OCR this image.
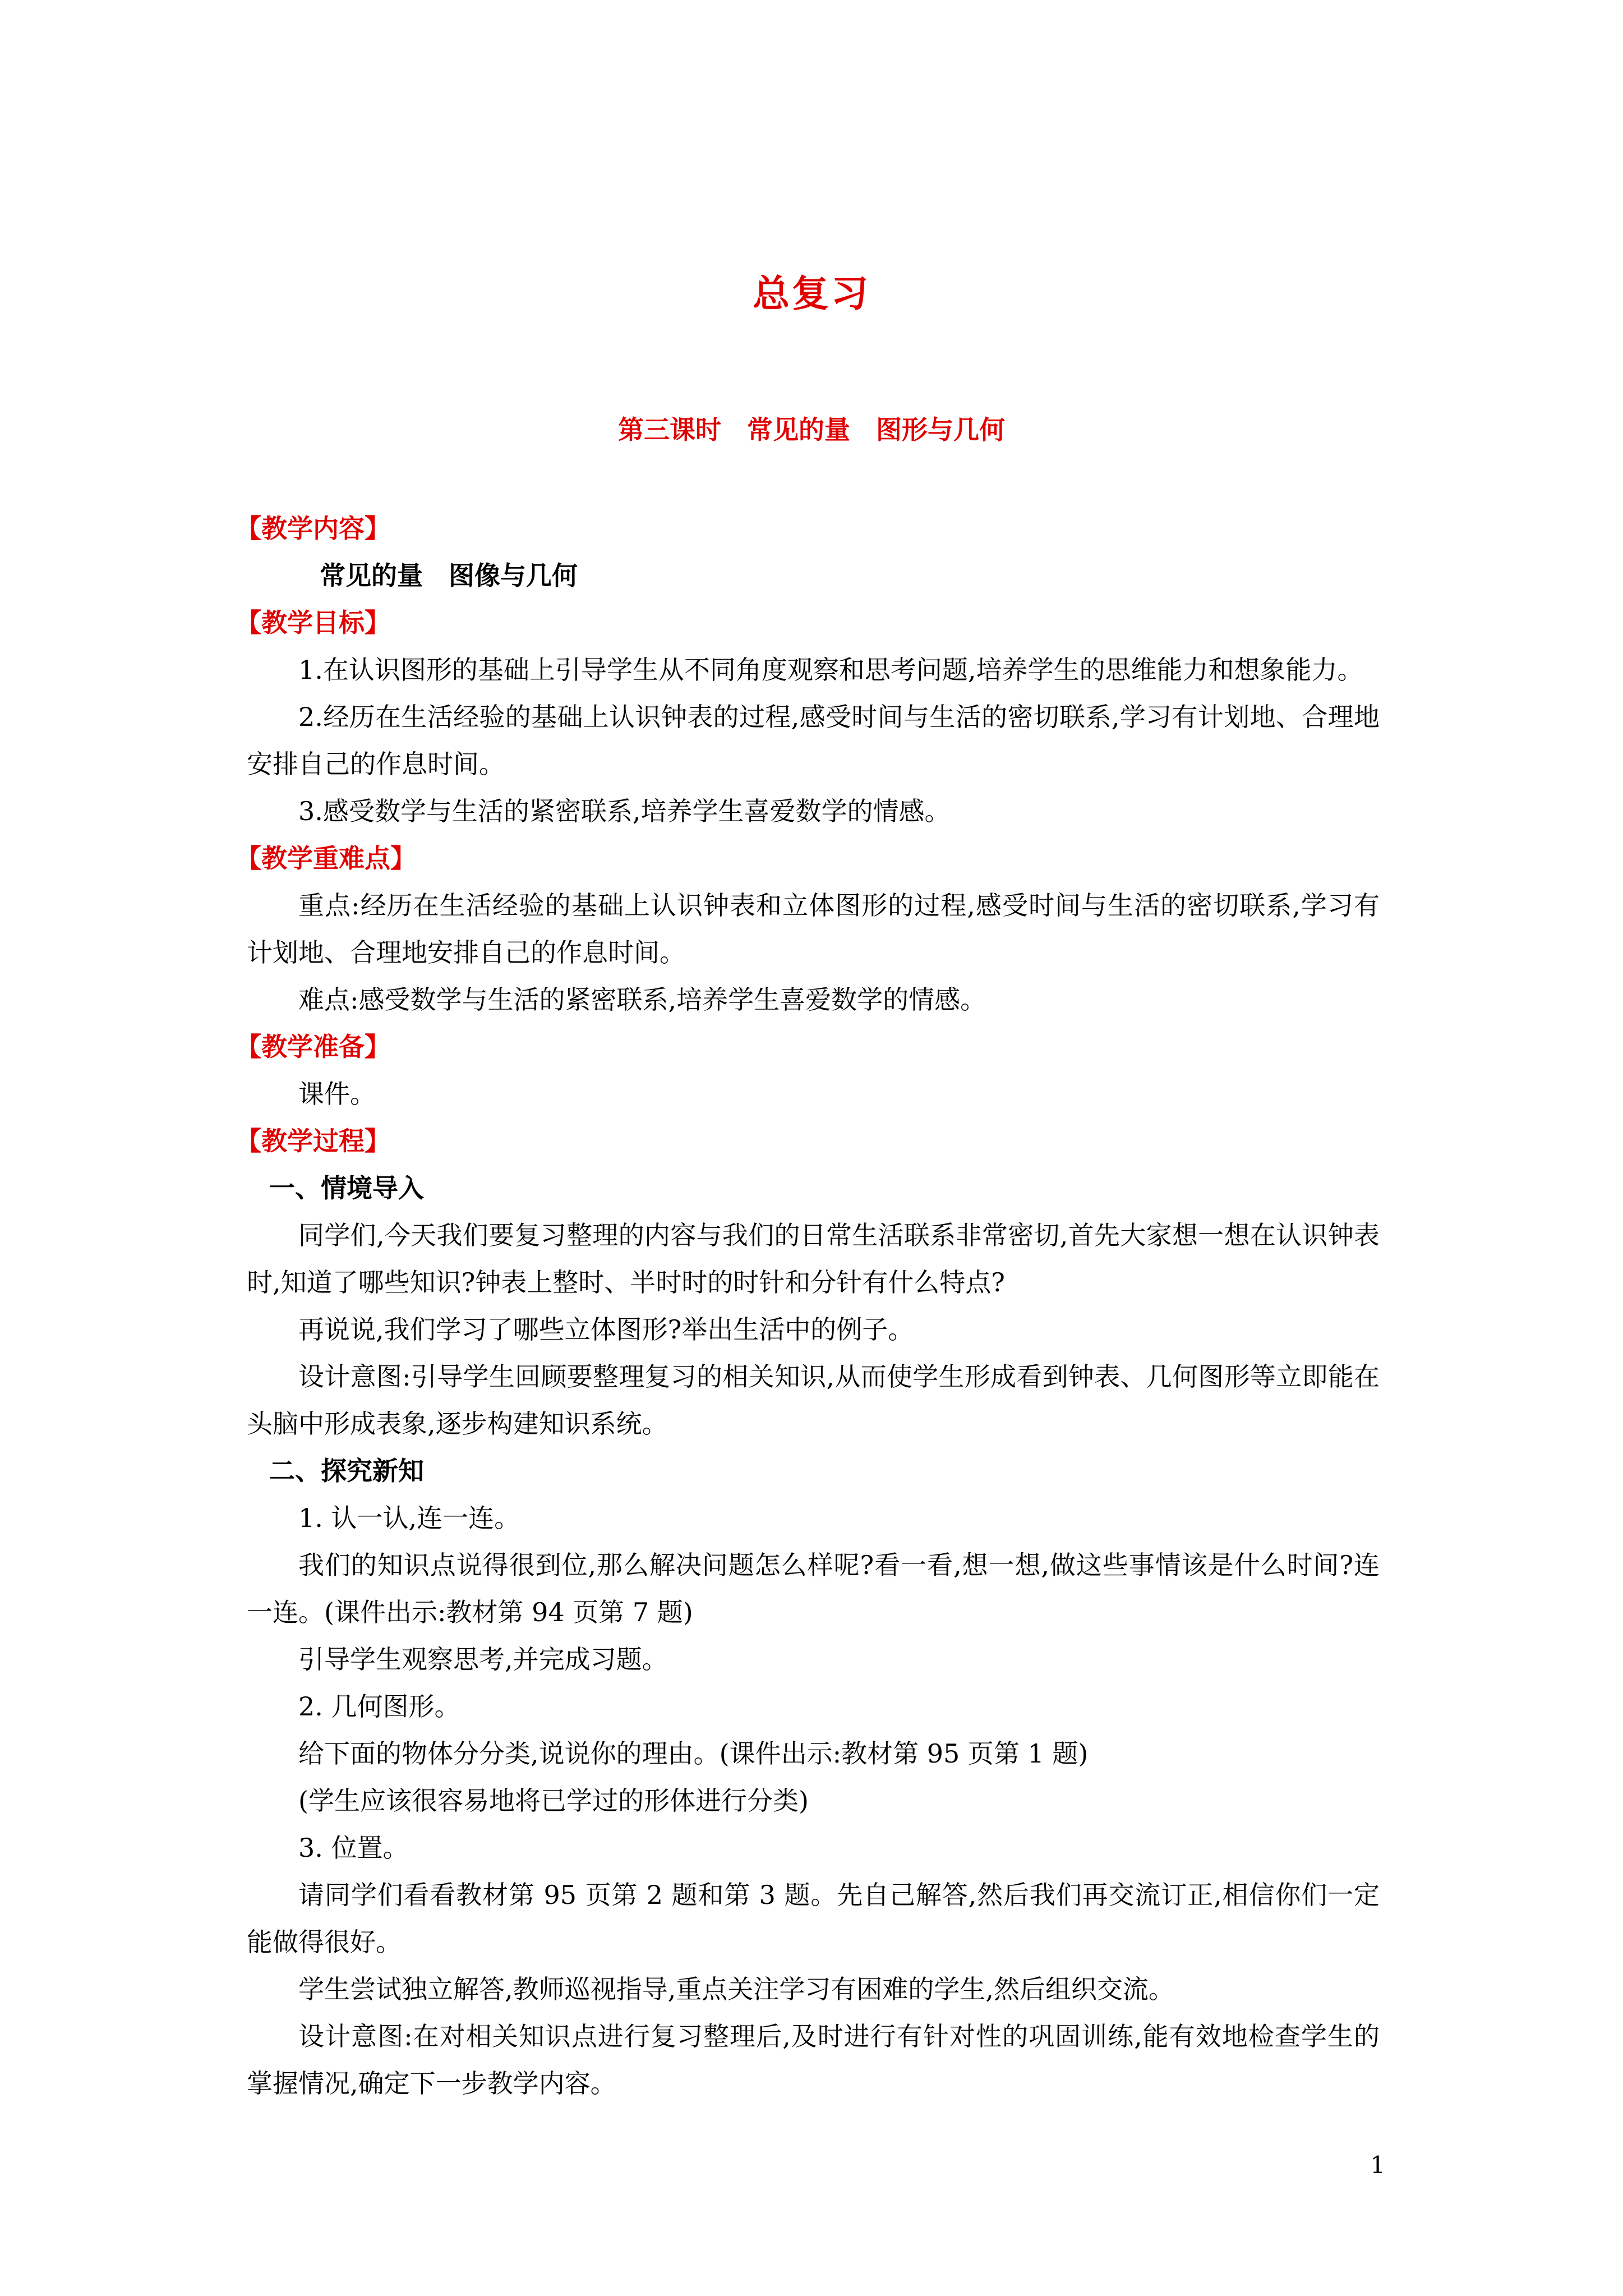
总复习
第三课时　常见的量　图形与几何
【教学内容】
常见的量　图像与几何
【教学目标】
1.在认识图形的基础上引导学生从不同角度观察和思考问题,培养学生的思维能力和想象能力。
2.经历在生活经验的基础上认识钟表的过程,感受时间与生活的密切联系,学习有计划地、合理地安排自己的作息时间。
3.感受数学与生活的紧密联系,培养学生喜爱数学的情感。
【教学重难点】
重点:经历在生活经验的基础上认识钟表和立体图形的过程,感受时间与生活的密切联系,学习有计划地、合理地安排自己的作息时间。
难点:感受数学与生活的紧密联系,培养学生喜爱数学的情感。
【教学准备】
课件。
【教学过程】
一、情境导入
同学们,今天我们要复习整理的内容与我们的日常生活联系非常密切,首先大家想一想在认识钟表时,知道了哪些知识?钟表上整时、半时时的时针和分针有什么特点?
再说说,我们学习了哪些立体图形?举出生活中的例子。
设计意图:引导学生回顾要整理复习的相关知识,从而使学生形成看到钟表、几何图形等立即能在头脑中形成表象,逐步构建知识系统。
二、探究新知
1. 认一认,连一连。
我们的知识点说得很到位,那么解决问题怎么样呢?看一看,想一想,做这些事情该是什么时间?连一连。(课件出示:教材第 94 页第 7 题)
引导学生观察思考,并完成习题。
2. 几何图形。
给下面的物体分分类,说说你的理由。(课件出示:教材第 95 页第 1 题)
(学生应该很容易地将已学过的形体进行分类)
3. 位置。
请同学们看看教材第 95 页第 2 题和第 3 题。先自己解答,然后我们再交流订正,相信你们一定能做得很好。
学生尝试独立解答,教师巡视指导,重点关注学习有困难的学生,然后组织交流。
设计意图:在对相关知识点进行复习整理后,及时进行有针对性的巩固训练,能有效地检查学生的掌握情况,确定下一步教学内容。
1
